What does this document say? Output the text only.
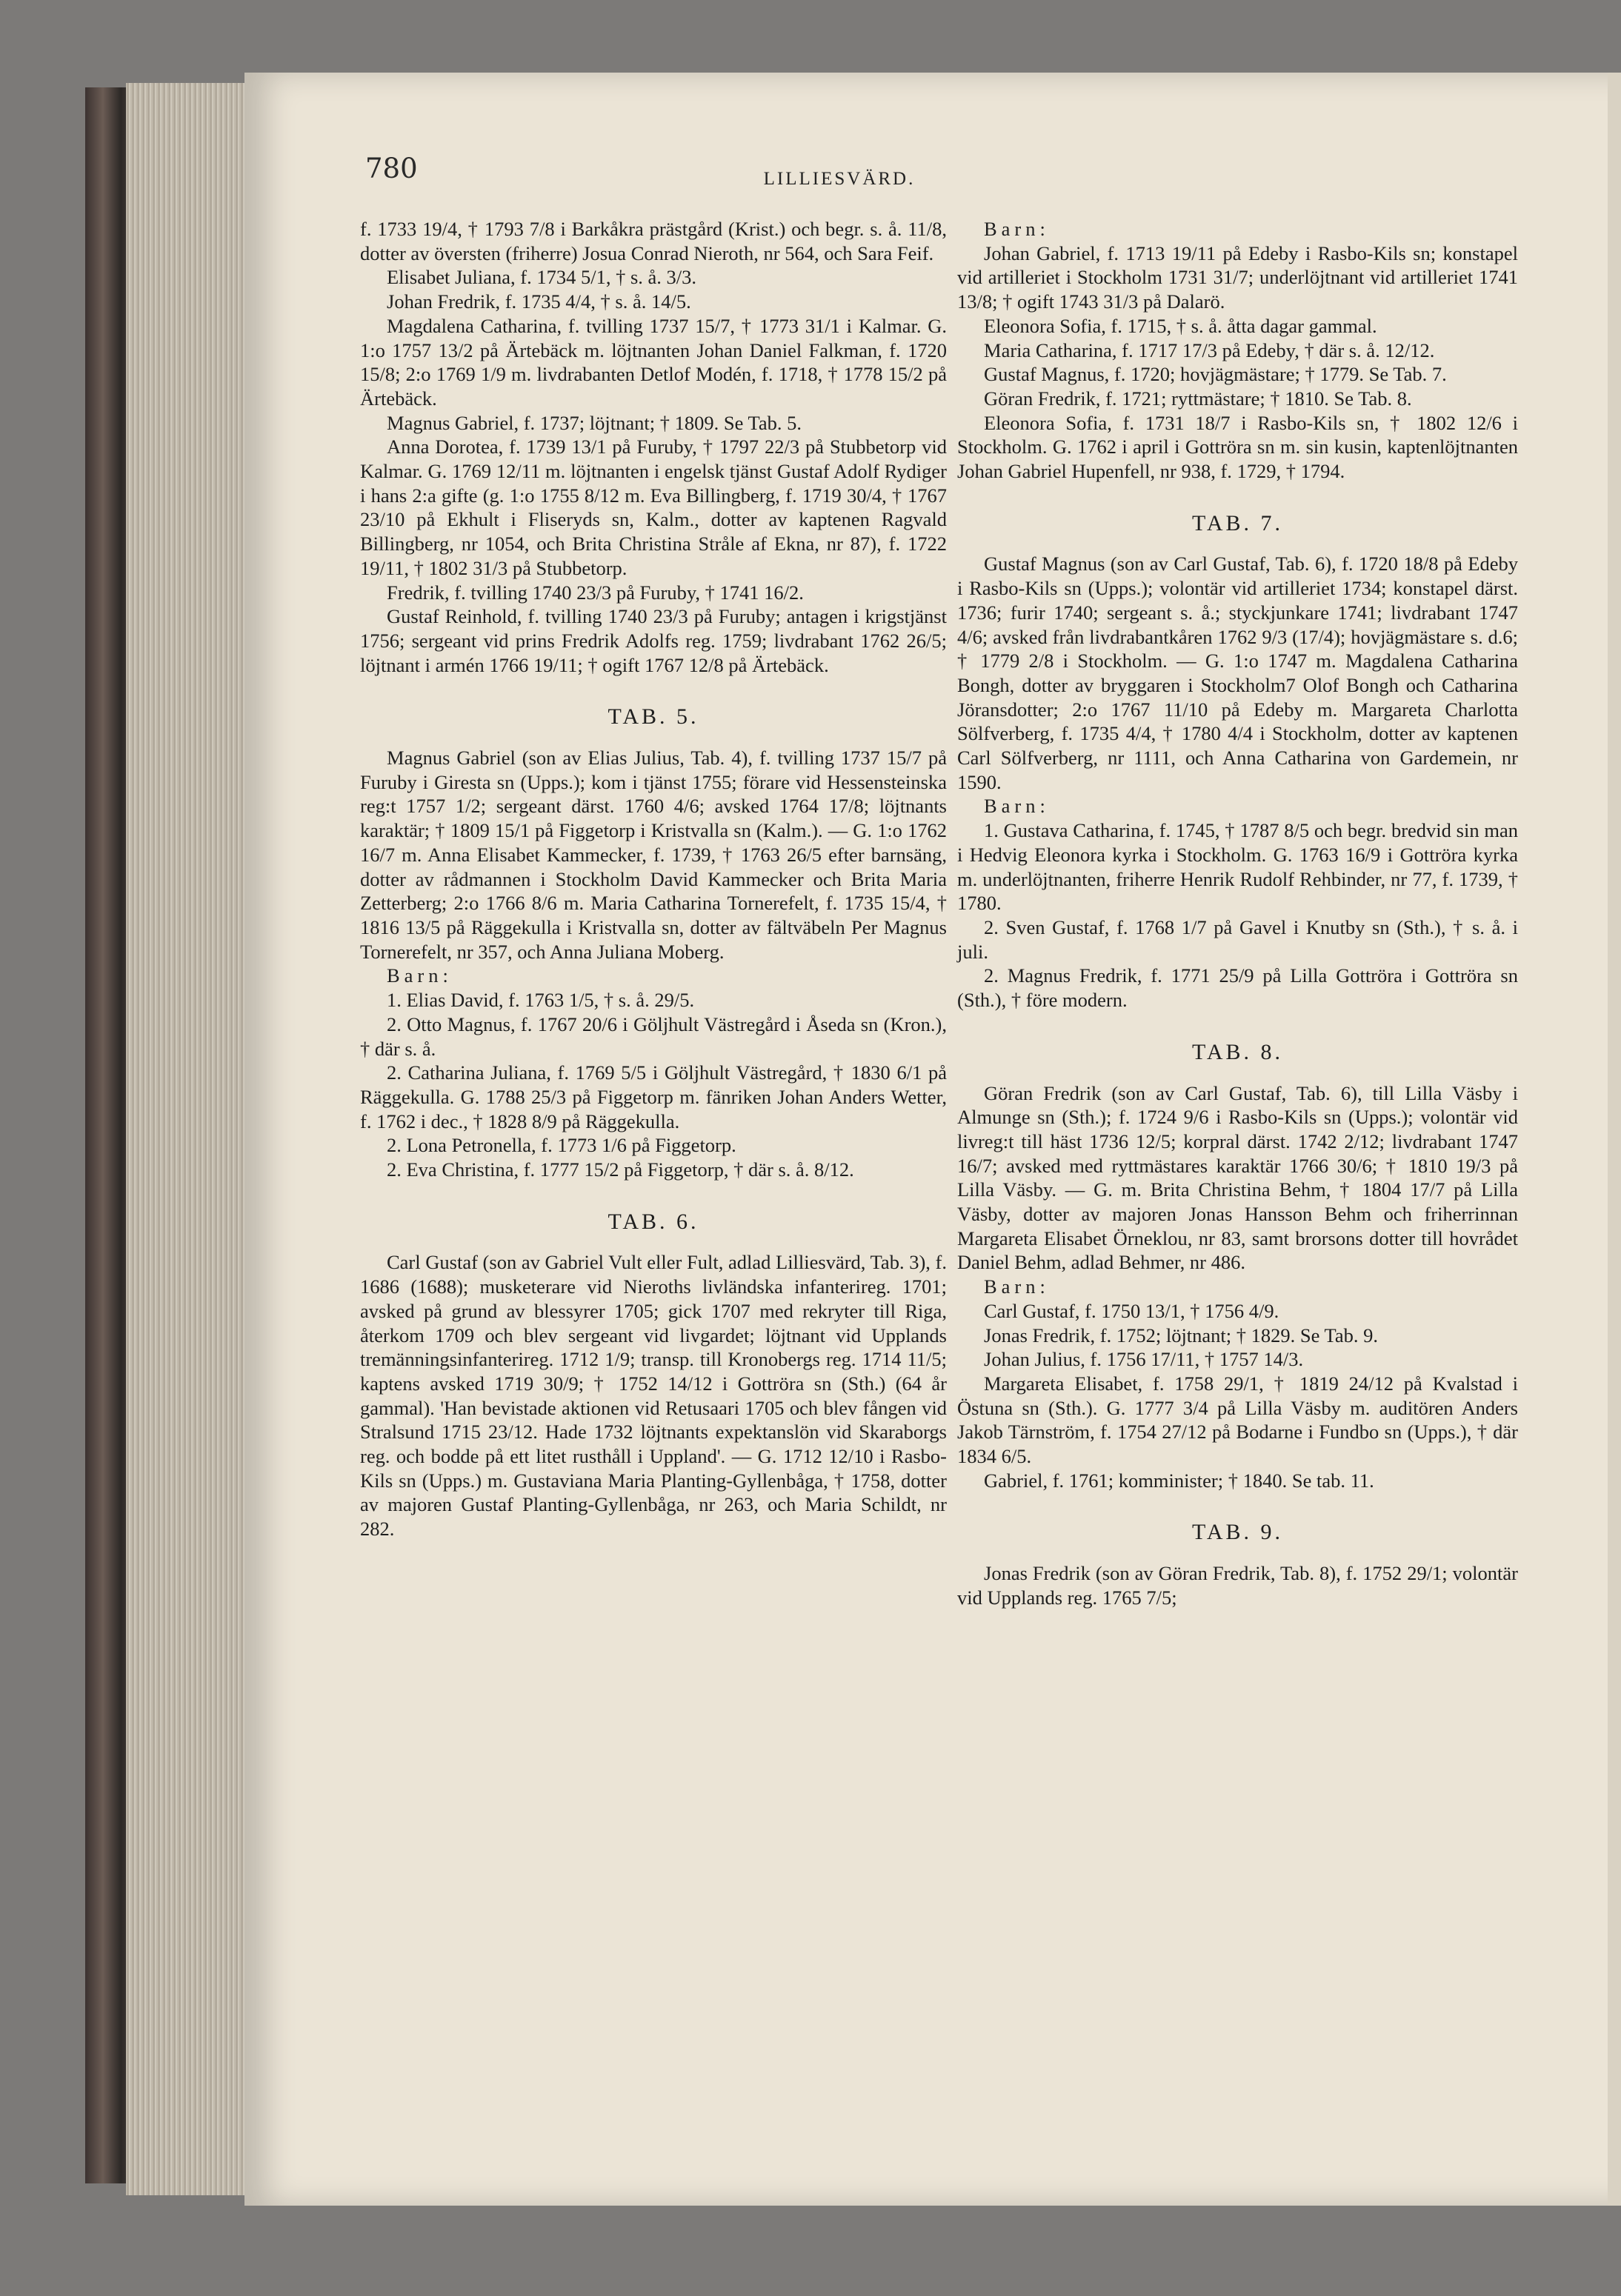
780	LILLIESVÄRD.

f. 1733 19/4, † 1793 7/8 i Barkåkra prästgård (Krist.) och begr. s. å. 11/8, dotter av översten (friherre) Josua Conrad Nieroth, nr 564, och Sara Feif.

Elisabet Juliana, f. 1734 5/1, † s. å. 3/3.

Johan Fredrik, f. 1735 4/4, † s. å. 14/5.

Magdalena Catharina, f. tvilling 1737 15/7, † 1773 31/1 i Kalmar. G. 1:o 1757 13/2 på Ärtebäck m. löjtnanten Johan Daniel Falkman, f. 1720 15/8; 2:o 1769 1/9 m. livdrabanten Detlof Modén, f. 1718, † 1778 15/2 på Ärtebäck.

Magnus Gabriel, f. 1737; löjtnant; † 1809. Se Tab. 5.

Anna Dorotea, f. 1739 13/1 på Furuby, † 1797 22/3 på Stubbetorp vid Kalmar. G. 1769 12/11 m. löjtnanten i engelsk tjänst Gustaf Adolf Rydiger i hans 2:a gifte (g. 1:o 1755 8/12 m. Eva Billingberg, f. 1719 30/4, † 1767 23/10 på Ekhult i Fliseryds sn, Kalm., dotter av kaptenen Ragvald Billingberg, nr 1054, och Brita Christina Stråle af Ekna, nr 87), f. 1722 19/11, † 1802 31/3 på Stubbetorp.

Fredrik, f. tvilling 1740 23/3 på Furuby, † 1741 16/2.

Gustaf Reinhold, f. tvilling 1740 23/3 på Furuby; antagen i krigstjänst 1756; sergeant vid prins Fredrik Adolfs reg. 1759; livdrabant 1762 26/5; löjtnant i armén 1766 19/11; † ogift 1767 12/8 på Ärtebäck.

TAB. 5.

Magnus Gabriel (son av Elias Julius, Tab. 4), f. tvilling 1737 15/7 på Furuby i Giresta sn (Upps.); kom i tjänst 1755; förare vid Hessensteinska reg:t 1757 1/2; sergeant därst. 1760 4/6; avsked 1764 17/8; löjtnants karaktär; † 1809 15/1 på Figgetorp i Kristvalla sn (Kalm.). — G. 1:o 1762 16/7 m. Anna Elisabet Kammecker, f. 1739, † 1763 26/5 efter barnsäng, dotter av rådmannen i Stockholm David Kammecker och Brita Maria Zetterberg; 2:o 1766 8/6 m. Maria Catharina Tornerefelt, f. 1735 15/4, † 1816 13/5 på Räggekulla i Kristvalla sn, dotter av fältväbeln Per Magnus Tornerefelt, nr 357, och Anna Juliana Moberg.

Barn:

1. Elias David, f. 1763 1/5, † s. å. 29/5.

2. Otto Magnus, f. 1767 20/6 i Göljhult Västregård i Åseda sn (Kron.), † där s. å.

2. Catharina Juliana, f. 1769 5/5 i Göljhult Västregård, † 1830 6/1 på Räggekulla. G. 1788 25/3 på Figgetorp m. fänriken Johan Anders Wetter, f. 1762 i dec., † 1828 8/9 på Räggekulla.

2. Lona Petronella, f. 1773 1/6 på Figgetorp.

2. Eva Christina, f. 1777 15/2 på Figgetorp, † där s. å. 8/12.

TAB. 6.

Carl Gustaf (son av Gabriel Vult eller Fult, adlad Lilliesvärd, Tab. 3), f. 1686 (1688); musketerare vid Nieroths livländska infanterireg. 1701; avsked på grund av blessyrer 1705; gick 1707 med rekryter till Riga, återkom 1709 och blev sergeant vid livgardet; löjtnant vid Upplands tremänningsinfanterireg. 1712 1/9; transp. till Kronobergs reg. 1714 11/5; kaptens avsked 1719 30/9; † 1752 14/12 i Gottröra sn (Sth.) (64 år gammal). 'Han bevistade aktionen vid Retusaari 1705 och blev fången vid Stralsund 1715 23/12. Hade 1732 löjtnants expektanslön vid Skaraborgs reg. och bodde på ett litet rusthåll i Uppland'. — G. 1712 12/10 i Rasbo-Kils sn (Upps.) m. Gustaviana Maria Planting-Gyllenbåga, † 1758, dotter av majoren Gustaf Planting-Gyllenbåga, nr 263, och Maria Schildt, nr 282.

Barn:

Johan Gabriel, f. 1713 19/11 på Edeby i Rasbo-Kils sn; konstapel vid artilleriet i Stockholm 1731 31/7; underlöjtnant vid artilleriet 1741 13/8; † ogift 1743 31/3 på Dalarö.

Eleonora Sofia, f. 1715, † s. å. åtta dagar gammal.

Maria Catharina, f. 1717 17/3 på Edeby, † där s. å. 12/12.

Gustaf Magnus, f. 1720; hovjägmästare; † 1779. Se Tab. 7.

Göran Fredrik, f. 1721; ryttmästare; † 1810. Se Tab. 8.

Eleonora Sofia, f. 1731 18/7 i Rasbo-Kils sn, † 1802 12/6 i Stockholm. G. 1762 i april i Gottröra sn m. sin kusin, kaptenlöjtnanten Johan Gabriel Hupenfell, nr 938, f. 1729, † 1794.

TAB. 7.

Gustaf Magnus (son av Carl Gustaf, Tab. 6), f. 1720 18/8 på Edeby i Rasbo-Kils sn (Upps.); volontär vid artilleriet 1734; konstapel därst. 1736; furir 1740; sergeant s. å.; styckjunkare 1741; livdrabant 1747 4/6; avsked från livdrabantkåren 1762 9/3 (17/4); hovjägmästare s. d.6; † 1779 2/8 i Stockholm. — G. 1:o 1747 m. Magdalena Catharina Bongh, dotter av bryggaren i Stockholm7 Olof Bongh och Catharina Jöransdotter; 2:o 1767 11/10 på Edeby m. Margareta Charlotta Sölfverberg, f. 1735 4/4, † 1780 4/4 i Stockholm, dotter av kaptenen Carl Sölfverberg, nr 1111, och Anna Catharina von Gardemein, nr 1590.

Barn:

1. Gustava Catharina, f. 1745, † 1787 8/5 och begr. bredvid sin man i Hedvig Eleonora kyrka i Stockholm. G. 1763 16/9 i Gottröra kyrka m. underlöjtnanten, friherre Henrik Rudolf Rehbinder, nr 77, f. 1739, † 1780.

2. Sven Gustaf, f. 1768 1/7 på Gavel i Knutby sn (Sth.), † s. å. i juli.

2. Magnus Fredrik, f. 1771 25/9 på Lilla Gottröra i Gottröra sn (Sth.), † före modern.

TAB. 8.

Göran Fredrik (son av Carl Gustaf, Tab. 6), till Lilla Väsby i Almunge sn (Sth.); f. 1724 9/6 i Rasbo-Kils sn (Upps.); volontär vid livreg:t till häst 1736 12/5; korpral därst. 1742 2/12; livdrabant 1747 16/7; avsked med ryttmästares karaktär 1766 30/6; † 1810 19/3 på Lilla Väsby. — G. m. Brita Christina Behm, † 1804 17/7 på Lilla Väsby, dotter av majoren Jonas Hansson Behm och friherrinnan Margareta Elisabet Örneklou, nr 83, samt brorsons dotter till hovrådet Daniel Behm, adlad Behmer, nr 486.

Barn:

Carl Gustaf, f. 1750 13/1, † 1756 4/9.

Jonas Fredrik, f. 1752; löjtnant; † 1829. Se Tab. 9.

Johan Julius, f. 1756 17/11, † 1757 14/3.

Margareta Elisabet, f. 1758 29/1, † 1819 24/12 på Kvalstad i Östuna sn (Sth.). G. 1777 3/4 på Lilla Väsby m. auditören Anders Jakob Tärnström, f. 1754 27/12 på Bodarne i Fundbo sn (Upps.), † där 1834 6/5.

Gabriel, f. 1761; komminister; † 1840. Se tab. 11.

TAB. 9.

Jonas Fredrik (son av Göran Fredrik, Tab. 8), f. 1752 29/1; volontär vid Upplands reg. 1765 7/5;
